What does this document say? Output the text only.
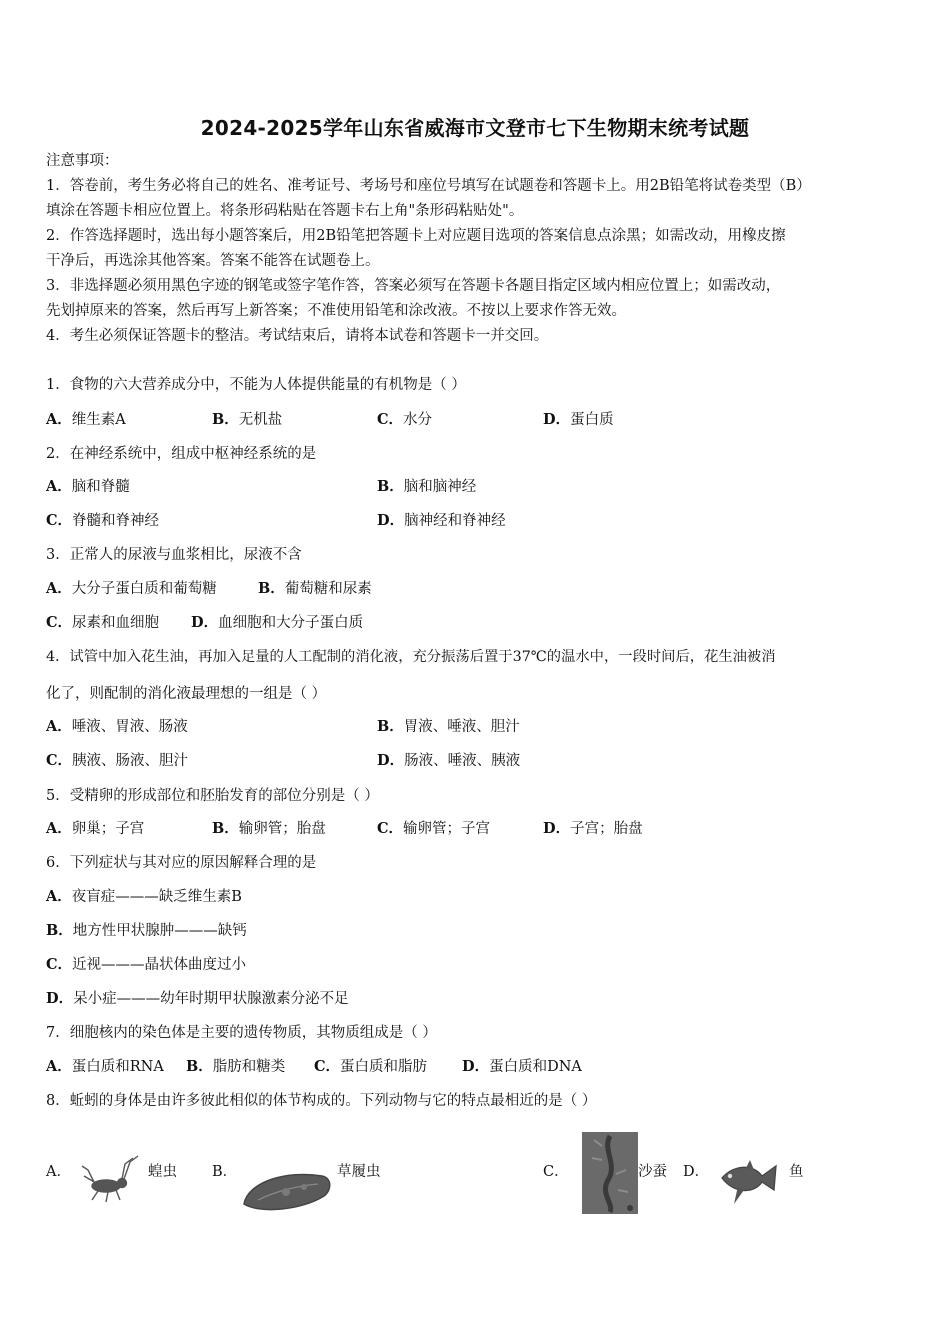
2024-2025学年山东省威海市文登市七下生物期末统考试题
注意事项：
1．答卷前，考生务必将自己的姓名、准考证号、考场号和座位号填写在试题卷和答题卡上。用2B铅笔将试卷类型（B）
填涂在答题卡相应位置上。将条形码粘贴在答题卡右上角"条形码粘贴处"。
2．作答选择题时，选出每小题答案后，用2B铅笔把答题卡上对应题目选项的答案信息点涂黑；如需改动，用橡皮擦
干净后，再选涂其他答案。答案不能答在试题卷上。
3．非选择题必须用黑色字迹的钢笔或签字笔作答，答案必须写在答题卡各题目指定区域内相应位置上；如需改动，
先划掉原来的答案，然后再写上新答案；不准使用铅笔和涂改液。不按以上要求作答无效。
4．考生必须保证答题卡的整洁。考试结束后，请将本试卷和答题卡一并交回。
1．食物的六大营养成分中，不能为人体提供能量的有机物是（ ）
A．维生素A	B．无机盐	C．水分	D．蛋白质
2．在神经系统中，组成中枢神经系统的是
A．脑和脊髓	B．脑和脑神经
C．脊髓和脊神经	D．脑神经和脊神经
3．正常人的尿液与血浆相比，尿液不含
A．大分子蛋白质和葡萄糖	B．葡萄糖和尿素
C．尿素和血细胞 D．血细胞和大分子蛋白质
4．试管中加入花生油，再加入足量的人工配制的消化液，充分振荡后置于37℃的温水中，一段时间后，花生油被消
化了，则配制的消化液最理想的一组是（ ）
A．唾液、胃液、肠液	B．胃液、唾液、胆汁
C．胰液、肠液、胆汁	D．肠液、唾液、胰液
5．受精卵的形成部位和胚胎发育的部位分别是（ ）
A．卵巢；子宫	B．输卵管；胎盘	C．输卵管；子宫	D．子宫；胎盘
6．下列症状与其对应的原因解释合理的是
A．夜盲症———缺乏维生素B
B．地方性甲状腺肿———缺钙
C．近视———晶状体曲度过小
D．呆小症———幼年时期甲状腺激素分泌不足
7．细胞核内的染色体是主要的遗传物质，其物质组成是（ ）
A．蛋白质和RNA B．脂肪和糖类 C．蛋白质和脂肪 D．蛋白质和DNA
8．蚯蚓的身体是由许多彼此相似的体节构成的。下列动物与它的特点最相近的是（ ）
A．	蝗虫 B．	草履虫	C．	沙蚕 D．	鱼
